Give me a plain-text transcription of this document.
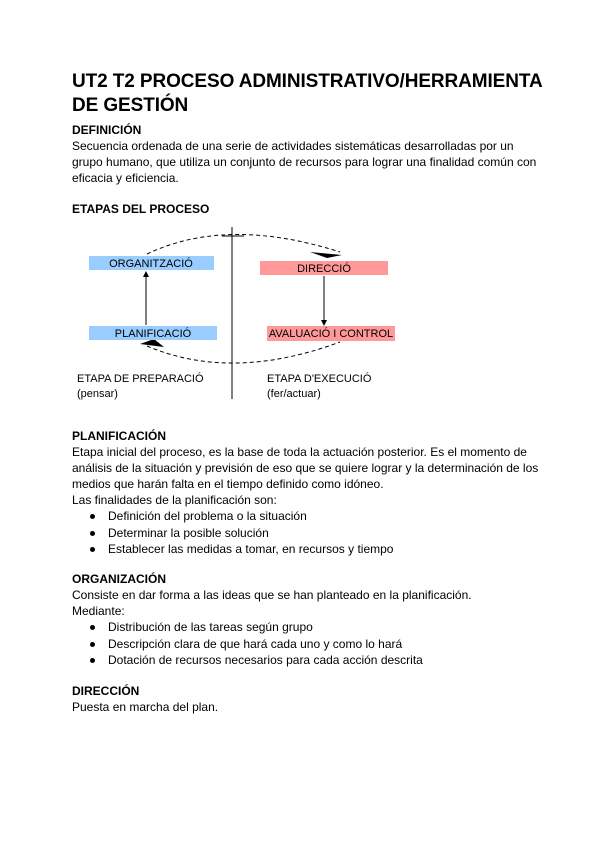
UT2 T2 PROCESO ADMINISTRATIVO/HERRAMIENTA DE GESTIÓN

DEFINICIÓN

Secuencia ordenada de una serie de actividades sistemáticas desarrolladas por un grupo humano, que utiliza un conjunto de recursos para lograr una finalidad común con eficacia y eficiencia.

ETAPAS DEL PROCESO

PLANIFICACIÓN

Etapa inicial del proceso, es la base de toda la actuación posterior. Es el momento de análisis de la situación y previsión de eso que se quiere lograr y la determinación de los medios que harán falta en el tiempo definido como idóneo.

Las finalidades de la planificación son:

Definición del problema o la situación
Determinar la posible solución
Establecer las medidas a tomar, en recursos y tiempo

ORGANIZACIÓN

Consiste en dar forma a las ideas que se han planteado en la planificación.

Mediante:

Distribución de las tareas según grupo
Descripción clara de que hará cada uno y como lo hará
Dotación de recursos necesarios para cada acción descrita

DIRECCIÓN

Puesta en marcha del plan.

ORGANITZACIÓ
PLANIFICACIÓ
DIRECCIÓ
AVALUACIÓ I CONTROL
ETAPA DE PREPARACIÓ
(pensar)
ETAPA D'EXECUCIÓ
(fer/actuar)
